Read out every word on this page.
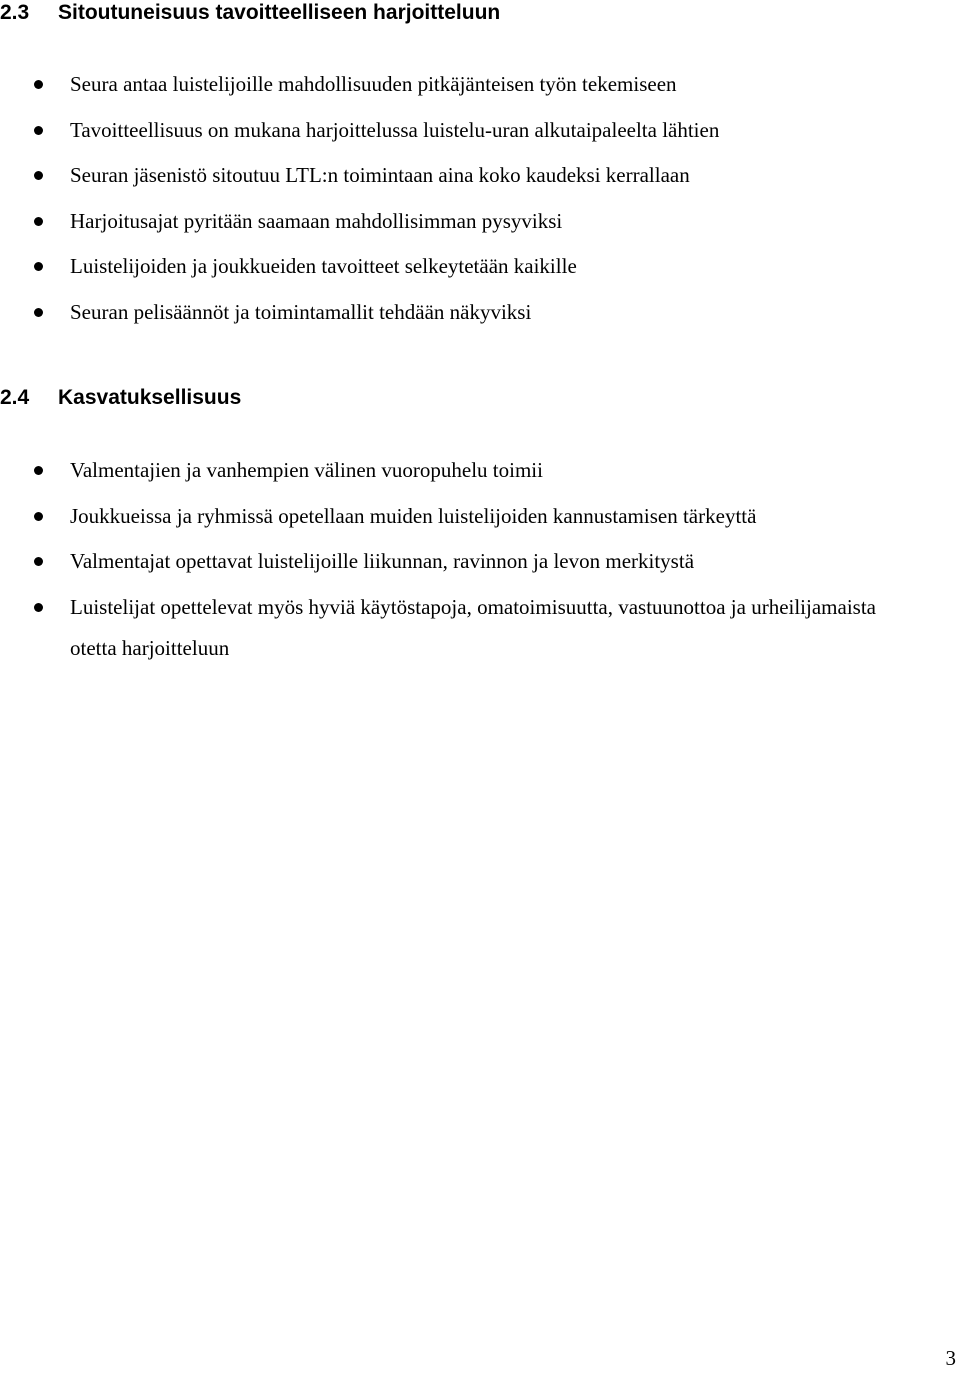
2.3 Sitoutuneisuus tavoitteelliseen harjoitteluun
Seura antaa luistelijoille mahdollisuuden pitkäjänteisen työn tekemiseen
Tavoitteellisuus on mukana harjoittelussa luistelu-uran alkutaipaleelta lähtien
Seuran jäsenistö sitoutuu LTL:n toimintaan aina koko kaudeksi kerrallaan
Harjoitusajat pyritään saamaan mahdollisimman pysyviksi
Luistelijoiden ja joukkueiden tavoitteet selkeytetään kaikille
Seuran pelisäännöt ja toimintamallit tehdään näkyviksi
2.4 Kasvatuksellisuus
Valmentajien ja vanhempien välinen vuoropuhelu toimii
Joukkueissa ja ryhmissä opetellaan muiden luistelijoiden kannustamisen tärkeyttä
Valmentajat opettavat luistelijoille liikunnan, ravinnon ja levon merkitystä
Luistelijat opettelevat myös hyviä käytöstapoja, omatoimisuutta, vastuunottoa ja urheilijamaista otetta harjoitteluun
3
